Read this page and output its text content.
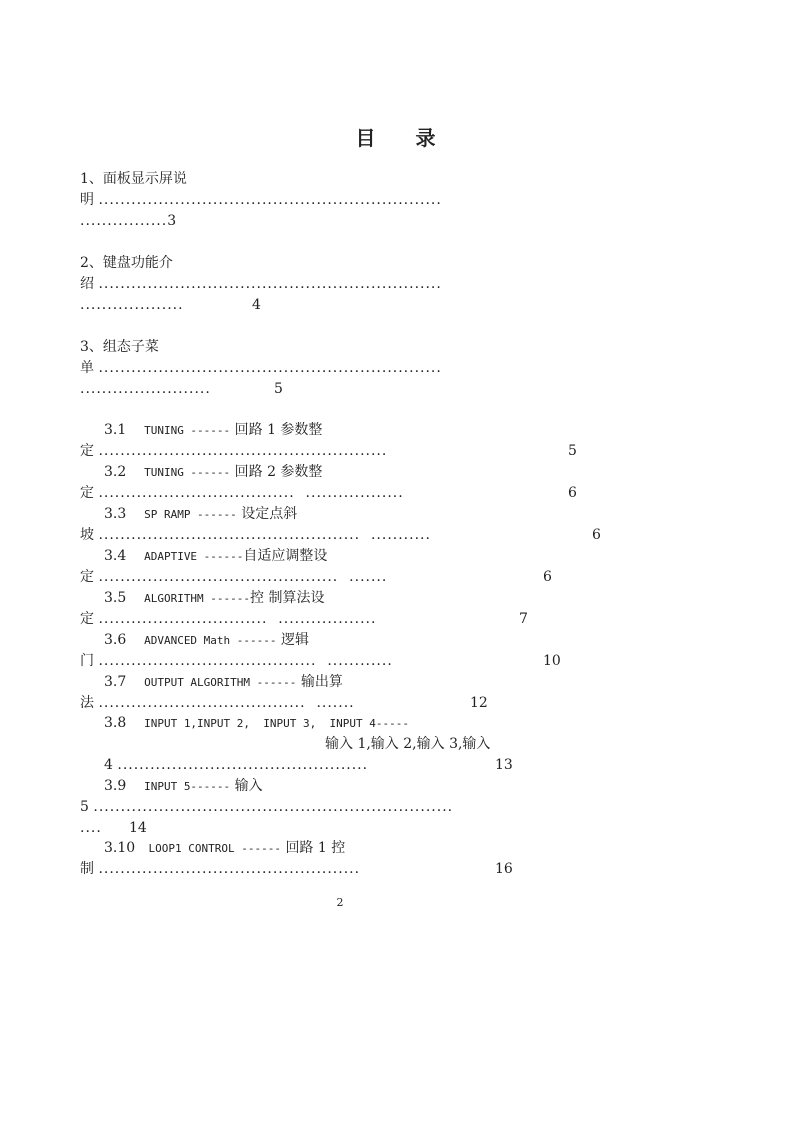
目 录
1、面板显示屏说
明 ...............................................................
................3
2、键盘功能介
绍 ...............................................................
...................	4
3、组态子菜
单 ...............................................................
........................	5
3.1 TUNING ------ 回路 1 参数整
定 .....................................................	5
3.2 TUNING ------ 回路 2 参数整
定 ....................................  ..................	6
3.3 SP RAMP ------ 设定点斜
坡 ................................................  ...........	6
3.4 ADAPTIVE ------自适应调整设
定 ............................................  .......	6
3.5 ALGORITHM ------控 制算法设
定 ...............................  ..................	7
3.6 ADVANCED Math ------ 逻辑
门 ........................................  ............	10
3.7 OUTPUT ALGORITHM ------ 输出算
法 ......................................  .......	12
3.8 INPUT 1,INPUT 2,  INPUT 3,  INPUT 4-----
输入 1,输入 2,输入 3,输入
4 ..............................................	13
3.9 INPUT 5------ 输入
5 ..................................................................
.... 14
3.10 LOOP1 CONTROL ------ 回路 1 控
制 ................................................	16
2
